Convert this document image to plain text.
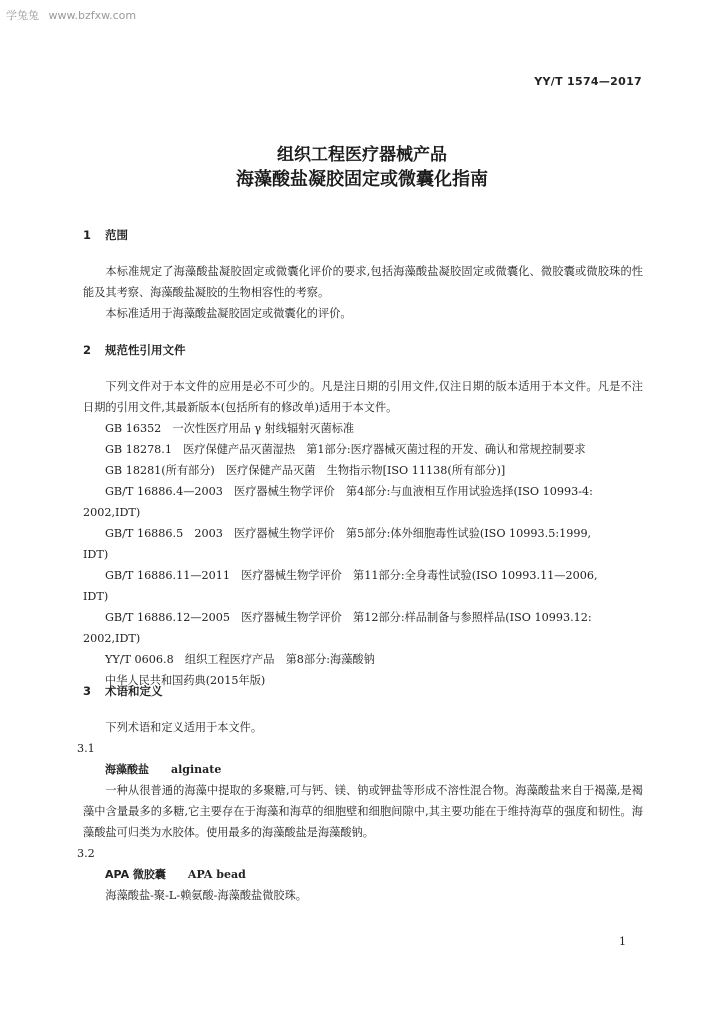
学兔兔 www.bzfxw.com
YY/T 1574—2017
组织工程医疗器械产品
海藻酸盐凝胶固定或微囊化指南
1 范围

本标准规定了海藻酸盐凝胶固定或微囊化评价的要求,包括海藻酸盐凝胶固定或微囊化、微胶囊或微胶珠的性能及其考察、海藻酸盐凝胶的生物相容性的考察。

本标准适用于海藻酸盐凝胶固定或微囊化的评价。

2 规范性引用文件

下列文件对于本文件的应用是必不可少的。凡是注日期的引用文件,仅注日期的版本适用于本文件。凡是不注日期的引用文件,其最新版本(包括所有的修改单)适用于本文件。

GB 16352　一次性医疗用品 γ 射线辐射灭菌标准

GB 18278.1　医疗保健产品灭菌湿热　第1部分:医疗器械灭菌过程的开发、确认和常规控制要求

GB 18281(所有部分)　医疗保健产品灭菌　生物指示物[ISO 11138(所有部分)]

GB/T 16886.4—2003　医疗器械生物学评价　第4部分:与血液相互作用试验选择(ISO 10993-4:
2002,IDT)

GB/T 16886.5　2003　医疗器械生物学评价　第5部分:体外细胞毒性试验(ISO 10993.5:1999,
IDT)

GB/T 16886.11—2011　医疗器械生物学评价　第11部分:全身毒性试验(ISO 10993.11—2006,
IDT)

GB/T 16886.12—2005　医疗器械生物学评价　第12部分:样品制备与参照样品(ISO 10993.12:
2002,IDT)

YY/T 0606.8　组织工程医疗产品　第8部分:海藻酸钠

中华人民共和国药典(2015年版)

3 术语和定义

下列术语和定义适用于本文件。

3.1

海藻酸盐 alginate

一种从很普通的海藻中提取的多聚糖,可与钙、镁、钠或钾盐等形成不溶性混合物。海藻酸盐来自于褐藻,是褐藻中含量最多的多糖,它主要存在于海藻和海草的细胞壁和细胞间隙中,其主要功能在于维持海草的强度和韧性。海藻酸盐可归类为水胶体。使用最多的海藻酸盐是海藻酸钠。

3.2

APA 微胶囊 APA bead

海藻酸盐-聚-L-赖氨酸-海藻酸盐微胶珠。

1
